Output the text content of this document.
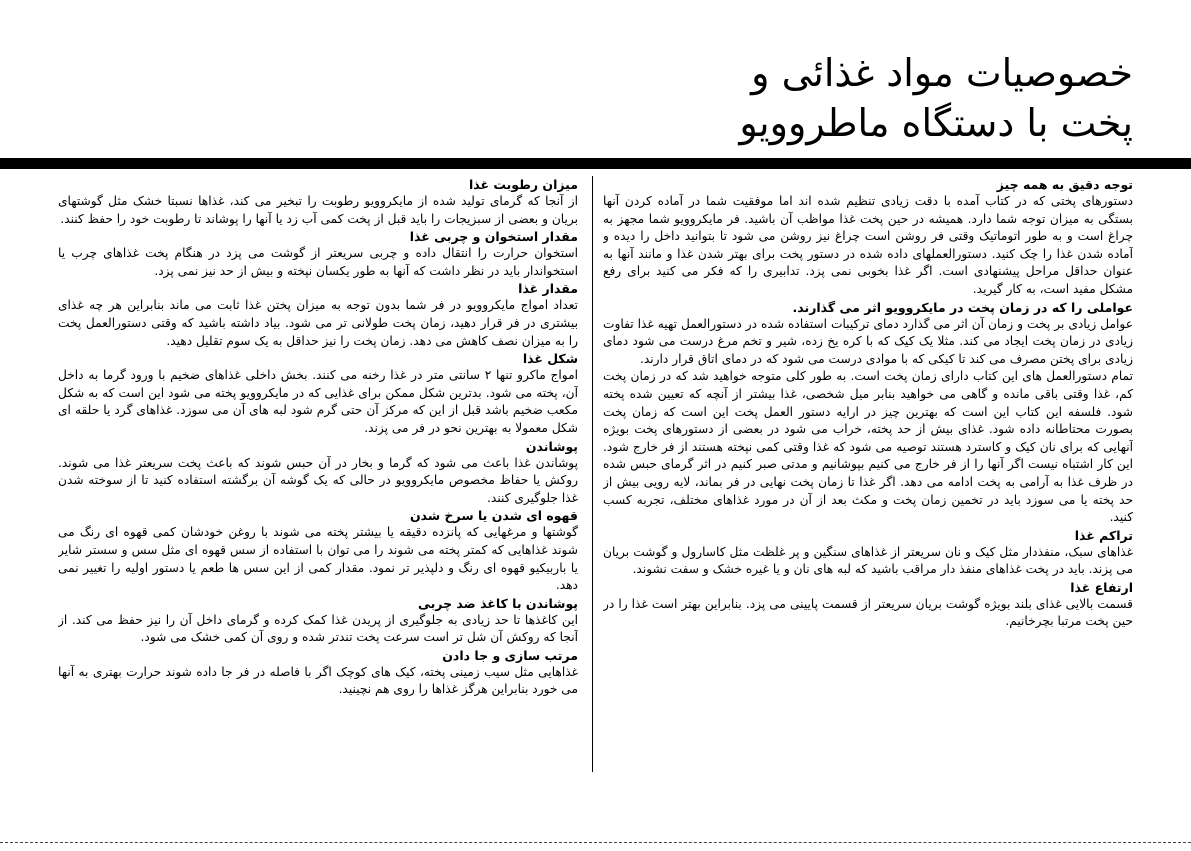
خصوصیات مواد غذائی و
پخت با دستگاه ماطروویو

توجه دقیق به همه چیز

دستورهای پختی که در کتاب آمده با دقت زیادی تنظیم شده اند اما موفقیت شما در آماده کردن آنها بستگی به میزان توجه شما دارد. همیشه در حین پخت غذا مواظب آن باشید. فر مایکروویو شما مجهز به چراغ است و به طور اتوماتیک وقتی فر روشن است چراغ نیز روشن می شود تا بتوانید داخل را دیده و آماده شدن غذا را چک کنید. دستورالعملهای داده شده در دستور پخت برای بهتر شدن غذا و مانند آنها به عنوان حداقل مراحل پیشنهادی است. اگر غذا بخوبی نمی پزد. تدابیری را که فکر می کنید برای رفع مشکل مفید است، به کار گیرید.

عواملی را که در زمان پخت در مایکروویو اثر می گذارند.

عوامل زیادی بر پخت و زمان آن اثر می گذارد دمای ترکیبات استفاده شده در دستورالعمل تهیه غذا تفاوت زیادی در زمان پخت ایجاد می کند. مثلا یک کیک که با کره یخ زده، شیر و تخم مرغ درست می شود دمای زیادی برای پختن مصرف می کند تا کیکی که با موادی درست می شود که در دمای اتاق قرار دارند.

تمام دستورالعمل های این کتاب دارای زمان پخت است. به طور کلی متوجه خواهید شد که در زمان پخت کم، غذا وقتی باقی مانده و گاهی می خواهید بنابر میل شخصی، غذا بیشتر از آنچه که تعیین شده پخته شود. فلسفه این کتاب این است که بهترین چیز در ارایه دستور العمل پخت این است که زمان پخت بصورت محتاطانه داده شود. غذای بیش از حد پخته، خراب می شود در بعضی از دستورهای پخت بویژه آنهایی که برای نان کیک و کاسترد هستند توصیه می شود که غذا وقتی کمی نپخته هستند از فر خارج شود. این کار اشتباه نیست اگر آنها را از فر خارج می کنیم بپوشانیم و مدتی صبر کنیم در اثر گرمای حبس شده در ظرف غذا به آرامی به پخت ادامه می دهد. اگر غذا تا زمان پخت نهایی در فر بماند، لایه رویی بیش از حد پخته یا می سوزد باید در تخمین زمان پخت و مکث بعد از آن در مورد غذاهای مختلف، تجربه کسب کنید.

تراکم غذا

غذاهای سبک، منفذدار مثل کیک و نان سریعتر از غذاهای سنگین و پر غلظت مثل کاسارول و گوشت بریان می پزند. باید در پخت غذاهای منفذ دار مراقب باشید که لبه های نان و یا غیره خشک و سفت نشوند.

ارتفاع غذا

قسمت بالایی غذای بلند بویژه گوشت بریان سریعتر از قسمت پایینی می پزد. بنابراین بهتر است غذا را در حین پخت مرتبا بچرخانیم.

میزان رطوبت غذا

از آنجا که گرمای تولید شده از مایکروویو رطوبت را تبخیر می کند، غذاها نسبتا خشک مثل گوشتهای بریان و بعضی از سبزیجات را باید قبل از پخت کمی آب زد یا آنها را پوشاند تا رطوبت خود را حفظ کنند.

مقدار استخوان و چربی غذا

استخوان حرارت را انتقال داده و چربی سریعتر از گوشت می پزد در هنگام پخت غذاهای چرب یا استخواندار باید در نظر داشت که آنها به طور یکسان نپخته و بیش از حد نیز نمی پزد.

مقدار غذا

تعداد امواج مایکروویو در فر شما بدون توجه به میزان پختن غذا ثابت می ماند بنابراین هر چه غذای بیشتری در فر قرار دهید، زمان پخت طولانی تر می شود. بیاد داشته باشید که وقتی دستورالعمل پخت را به میزان نصف کاهش می دهد. زمان پخت را نیز حداقل به یک سوم تقلیل دهید.

شکل غذا

امواج ماکرو تنها ۲ سانتی متر در غذا رخنه می کنند. بخش داخلی غذاهای ضخیم با ورود گرما به داخل آن، پخته می شود. بدترین شکل ممکن برای غذایی که در مایکروویو پخته می شود این است که به شکل مکعب ضخیم باشد قبل از این که مرکز آن حتی گرم شود لبه های آن می سوزد. غذاهای گرد یا حلقه ای شکل معمولا به بهترین نحو در فر می پزند.

پوشاندن

پوشاندن غذا باعث می شود که گرما و بخار در آن حبس شوند که باعث پخت سریعتر غذا می شوند. روکش یا حفاظ مخصوص مایکروویو در حالی که یک گوشه آن برگشته استفاده کنید تا از سوخته شدن غذا جلوگیری کنند.

قهوه ای شدن یا سرخ شدن

گوشتها و مرغهایی که پانزده دقیقه یا بیشتر پخته می شوند با روغن خودشان کمی قهوه ای رنگ می شوند غذاهایی که کمتر پخته می شوند را می توان با استفاده از سس قهوه ای مثل سس و سستر شایر یا باربیکیو قهوه ای رنگ و دلپذیر تر نمود. مقدار کمی از این سس ها طعم یا دستور اولیه را تغییر نمی دهد.

پوشاندن با کاغذ ضد چربی

این کاغذها تا حد زیادی به جلوگیری از پریدن غذا کمک کرده و گرمای داخل آن را نیز حفظ می کند. از آنجا که روکش آن شل تر است سرعت پخت تندتر شده و روی آن کمی خشک می شود.

مرتب سازی و جا دادن

غذاهایی مثل سیب زمینی پخته، کیک های کوچک اگر با فاصله در فر جا داده شوند حرارت بهتری به آنها می خورد بنابراین هرگز غذاها را روی هم نچینید.
